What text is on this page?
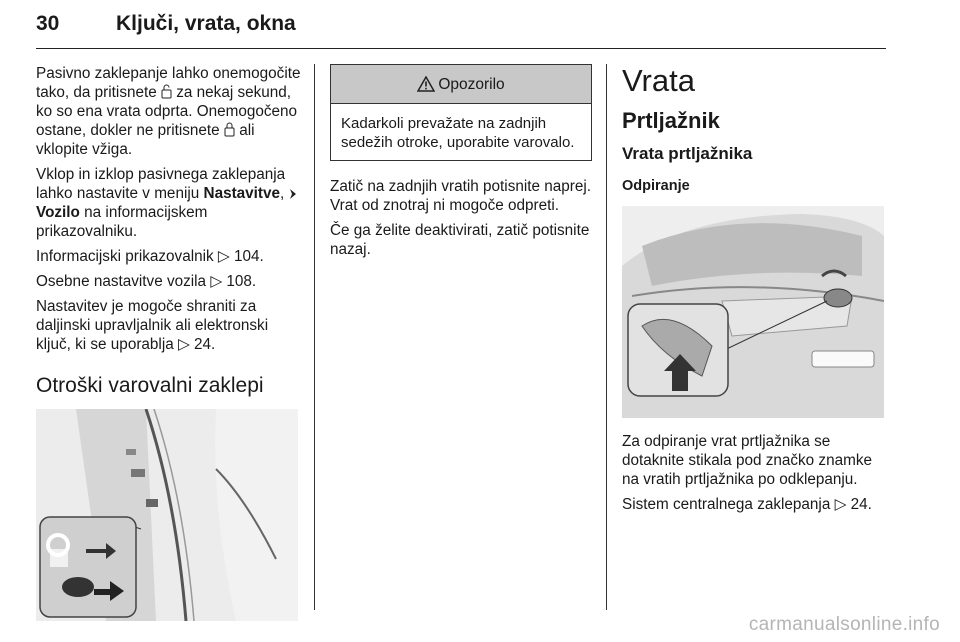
30	Ključi, vrata, okna

Pasivno zaklepanje lahko onemogočite tako, da pritisnete za nekaj sekund, ko so ena vrata odprta. Onemogočeno ostane, dokler ne pritisnete ali vklopite vžiga.

Vklop in izklop pasivnega zaklepanja lahko nastavite v meniju Nastavitve,  Vozilo na informacijskem prikazovalniku.

Informacijski prikazovalnik ▷ 104.

Osebne nastavitve vozila ▷ 108.

Nastavitev je mogoče shraniti za daljinski upravljalnik ali elektronski ključ, ki se uporablja ▷ 24.

Otroški varovalni zaklepi
Opozorilo
Kadarkoli prevažate na zadnjih sedežih otroke, uporabite varovalo.

Zatič na zadnjih vratih potisnite naprej. Vrat od znotraj ni mogoče odpreti.

Če ga želite deaktivirati, zatič potisnite nazaj.

Vrata
Prtljažnik
Vrata prtljažnika
Odpiranje

Za odpiranje vrat prtljažnika se dotaknite stikala pod značko znamke na vratih prtljažnika po odklepanju.

Sistem centralnega zaklepanja ▷ 24.

carmanualsonline.info
